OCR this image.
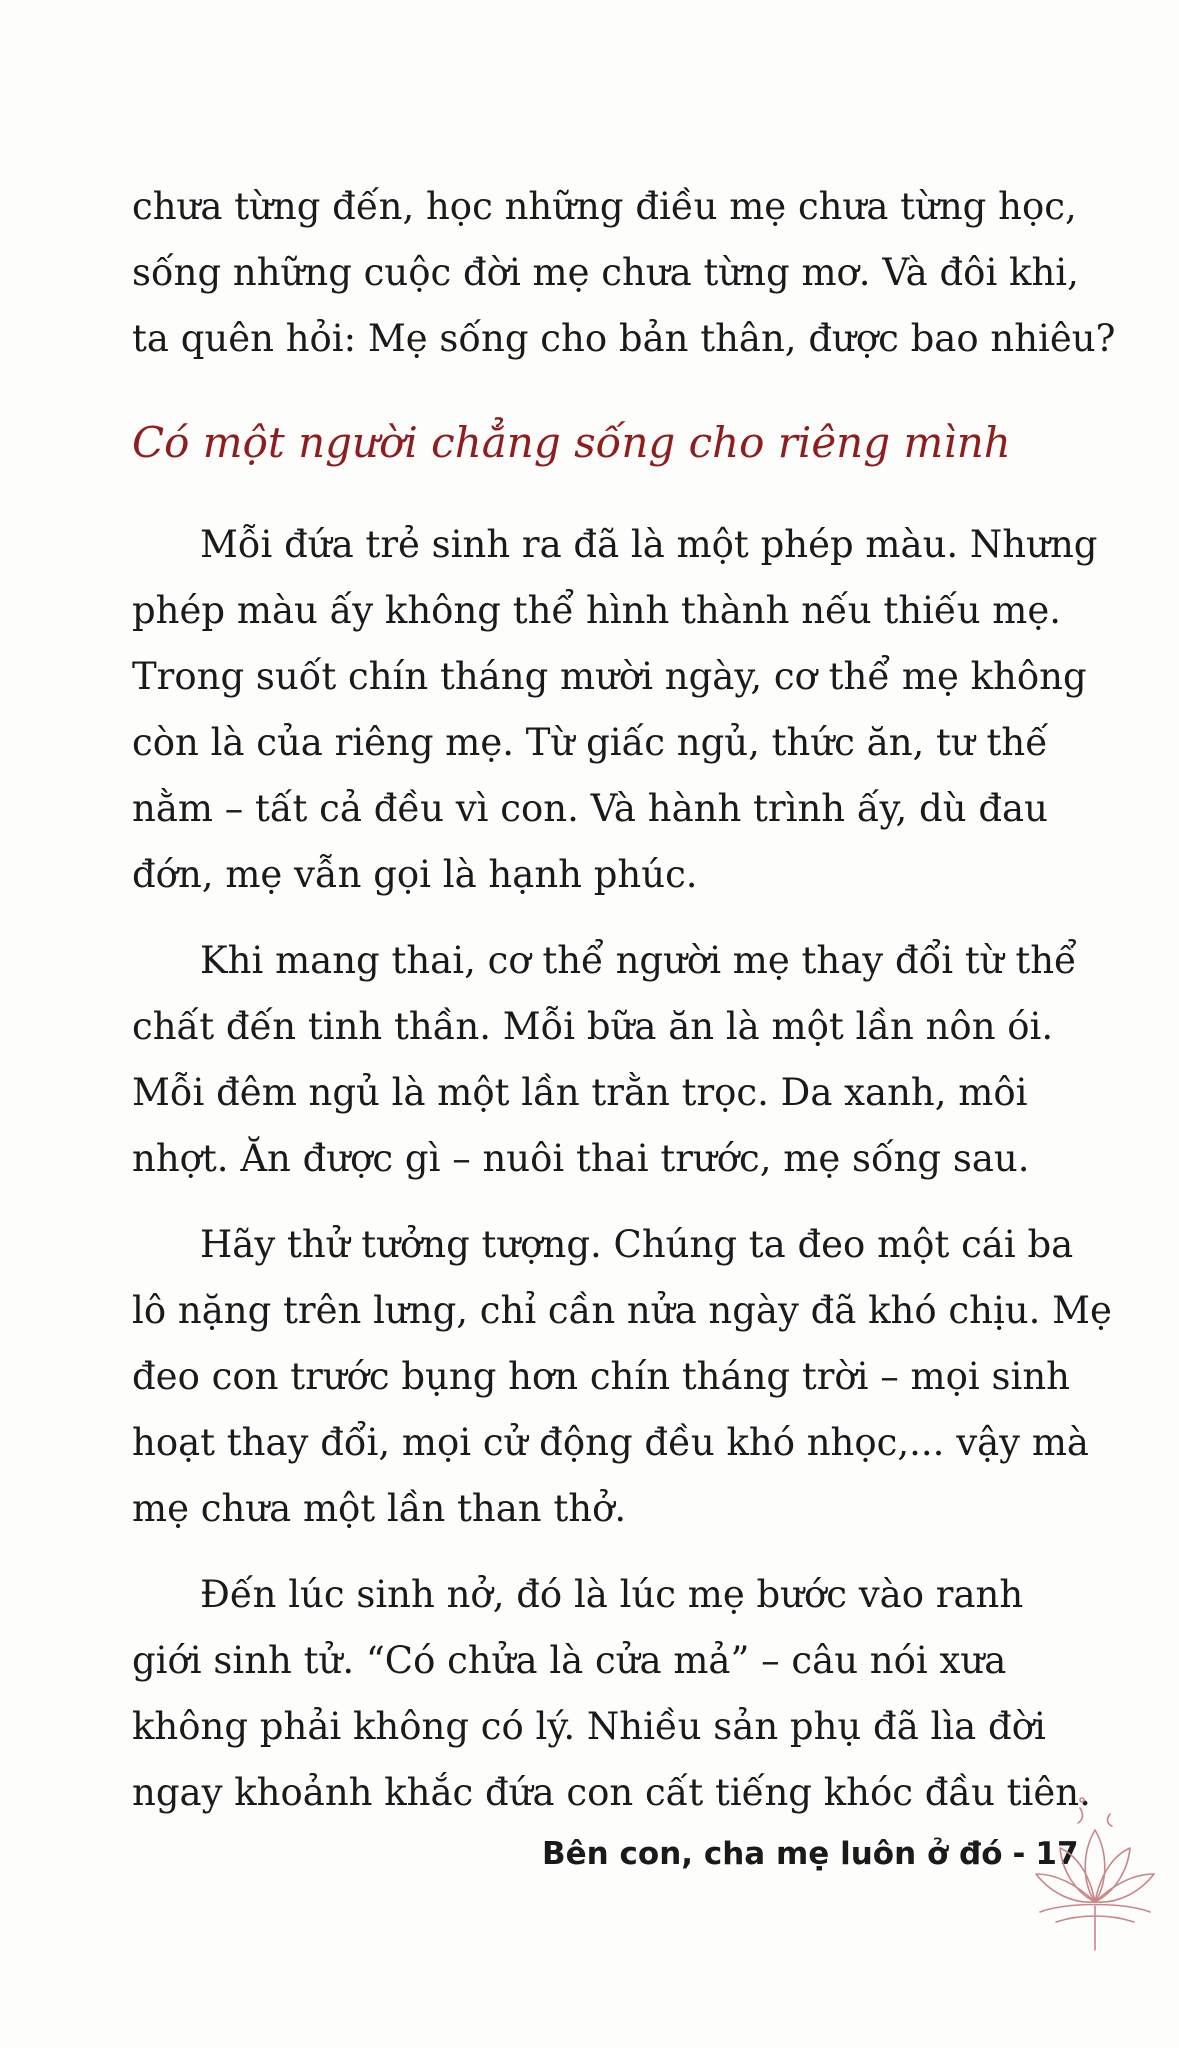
chưa từng đến, học những điều mẹ chưa từng học,
sống những cuộc đời mẹ chưa từng mơ. Và đôi khi,
ta quên hỏi: Mẹ sống cho bản thân, được bao nhiêu?

Có một người chẳng sống cho riêng mình

Mỗi đứa trẻ sinh ra đã là một phép màu. Nhưng
phép màu ấy không thể hình thành nếu thiếu mẹ.
Trong suốt chín tháng mười ngày, cơ thể mẹ không
còn là của riêng mẹ. Từ giấc ngủ, thức ăn, tư thế
nằm – tất cả đều vì con. Và hành trình ấy, dù đau
đớn, mẹ vẫn gọi là hạnh phúc.

Khi mang thai, cơ thể người mẹ thay đổi từ thể
chất đến tinh thần. Mỗi bữa ăn là một lần nôn ói.
Mỗi đêm ngủ là một lần trằn trọc. Da xanh, môi
nhợt. Ăn được gì – nuôi thai trước, mẹ sống sau.

Hãy thử tưởng tượng. Chúng ta đeo một cái ba
lô nặng trên lưng, chỉ cần nửa ngày đã khó chịu. Mẹ
đeo con trước bụng hơn chín tháng trời – mọi sinh
hoạt thay đổi, mọi cử động đều khó nhọc,... vậy mà
mẹ chưa một lần than thở.

Đến lúc sinh nở, đó là lúc mẹ bước vào ranh
giới sinh tử. “Có chửa là cửa mả” – câu nói xưa
không phải không có lý. Nhiều sản phụ đã lìa đời
ngay khoảnh khắc đứa con cất tiếng khóc đầu tiên.

Bên con, cha mẹ luôn ở đó - 17
